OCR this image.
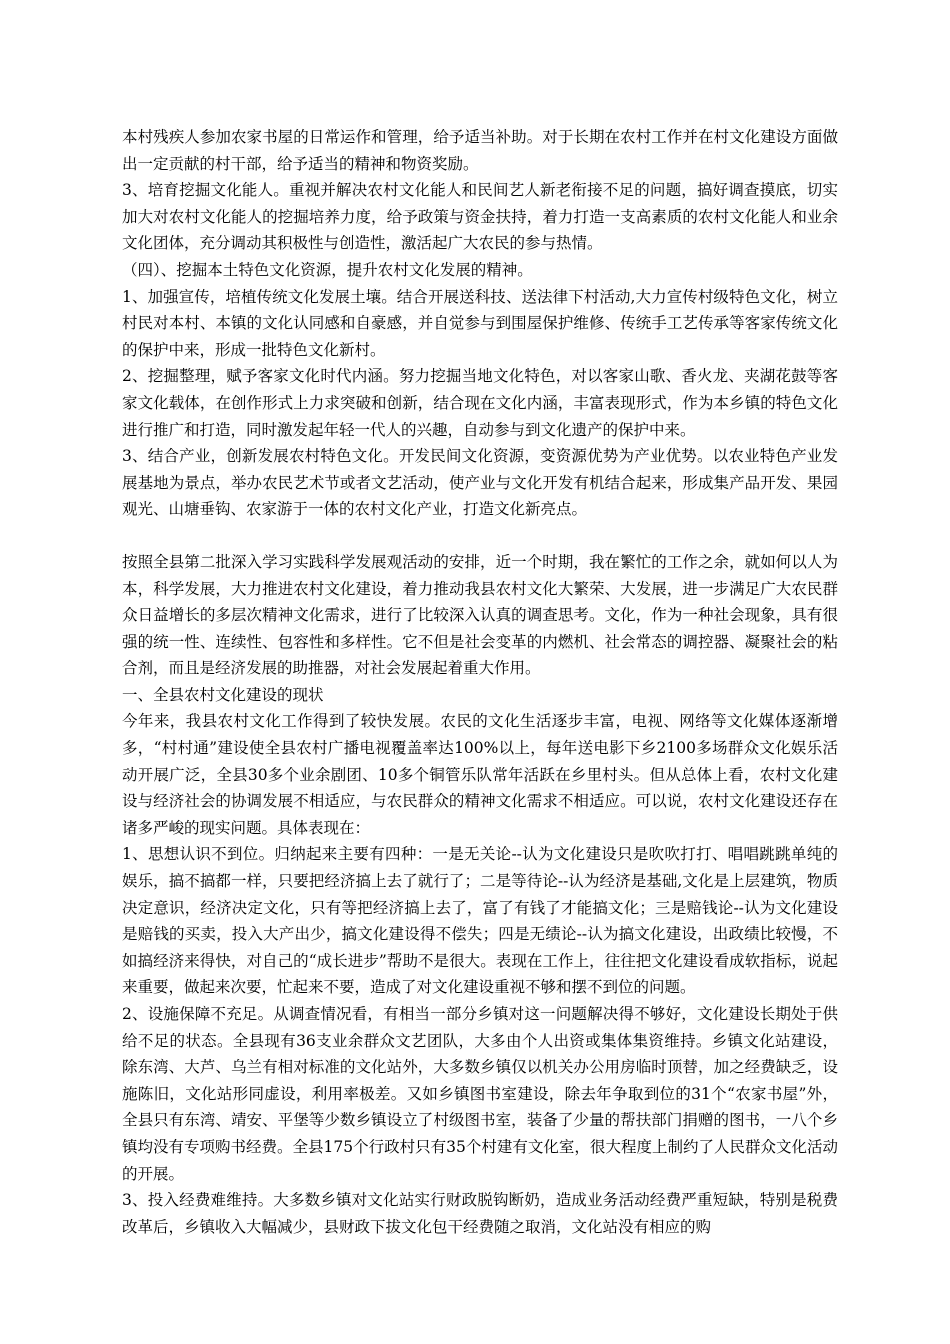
本村残疾人参加农家书屋的日常运作和管理，给予适当补助。对于长期在农村工作并在村文化建设方面做出一定贡献的村干部，给予适当的精神和物资奖励。

3、培育挖掘文化能人。重视并解决农村文化能人和民间艺人新老衔接不足的问题，搞好调查摸底，切实加大对农村文化能人的挖掘培养力度，给予政策与资金扶持，着力打造一支高素质的农村文化能人和业余文化团体，充分调动其积极性与创造性，激活起广大农民的参与热情。

（四）、挖掘本土特色文化资源，提升农村文化发展的精神。

1、加强宣传，培植传统文化发展土壤。结合开展送科技、送法律下村活动,大力宣传村级特色文化，树立村民对本村、本镇的文化认同感和自豪感，并自觉参与到围屋保护维修、传统手工艺传承等客家传统文化的保护中来，形成一批特色文化新村。

2、挖掘整理，赋予客家文化时代内涵。努力挖掘当地文化特色，对以客家山歌、香火龙、夹湖花鼓等客家文化载体，在创作形式上力求突破和创新，结合现在文化内涵，丰富表现形式，作为本乡镇的特色文化进行推广和打造，同时激发起年轻一代人的兴趣，自动参与到文化遗产的保护中来。

3、结合产业，创新发展农村特色文化。开发民间文化资源，变资源优势为产业优势。以农业特色产业发展基地为景点，举办农民艺术节或者文艺活动，使产业与文化开发有机结合起来，形成集产品开发、果园观光、山塘垂钩、农家游于一体的农村文化产业，打造文化新亮点。

按照全县第二批深入学习实践科学发展观活动的安排，近一个时期，我在繁忙的工作之余，就如何以人为本，科学发展，大力推进农村文化建设，着力推动我县农村文化大繁荣、大发展，进一步满足广大农民群众日益增长的多层次精神文化需求，进行了比较深入认真的调查思考。文化，作为一种社会现象，具有很强的统一性、连续性、包容性和多样性。它不但是社会变革的内燃机、社会常态的调控器、凝聚社会的粘合剂，而且是经济发展的助推器，对社会发展起着重大作用。

一、全县农村文化建设的现状

今年来，我县农村文化工作得到了较快发展。农民的文化生活逐步丰富，电视、网络等文化媒体逐渐增多，“村村通”建设使全县农村广播电视覆盖率达100%以上，每年送电影下乡2100多场群众文化娱乐活动开展广泛，全县30多个业余剧团、10多个铜管乐队常年活跃在乡里村头。但从总体上看，农村文化建设与经济社会的协调发展不相适应，与农民群众的精神文化需求不相适应。可以说，农村文化建设还存在诸多严峻的现实问题。具体表现在：

1、思想认识不到位。归纳起来主要有四种：一是无关论--认为文化建设只是吹吹打打、唱唱跳跳单纯的娱乐，搞不搞都一样，只要把经济搞上去了就行了；二是等待论--认为经济是基础,文化是上层建筑，物质决定意识，经济决定文化，只有等把经济搞上去了，富了有钱了才能搞文化；三是赔钱论--认为文化建设是赔钱的买卖，投入大产出少，搞文化建设得不偿失；四是无绩论--认为搞文化建设，出政绩比较慢，不如搞经济来得快，对自己的“成长进步”帮助不是很大。表现在工作上，往往把文化建设看成软指标，说起来重要，做起来次要，忙起来不要，造成了对文化建设重视不够和摆不到位的问题。

2、设施保障不充足。从调查情况看，有相当一部分乡镇对这一问题解决得不够好，文化建设长期处于供给不足的状态。全县现有36支业余群众文艺团队，大多由个人出资或集体集资维持。乡镇文化站建设，除东湾、大芦、乌兰有相对标准的文化站外，大多数乡镇仅以机关办公用房临时顶替，加之经费缺乏，设施陈旧，文化站形同虚设，利用率极差。又如乡镇图书室建设，除去年争取到位的31个“农家书屋”外，全县只有东湾、靖安、平堡等少数乡镇设立了村级图书室，装备了少量的帮扶部门捐赠的图书，一八个乡镇均没有专项购书经费。全县175个行政村只有35个村建有文化室，很大程度上制约了人民群众文化活动的开展。

3、投入经费难维持。大多数乡镇对文化站实行财政脱钩断奶，造成业务活动经费严重短缺，特别是税费改革后，乡镇收入大幅减少，县财政下拔文化包干经费随之取消，文化站没有相应的购
